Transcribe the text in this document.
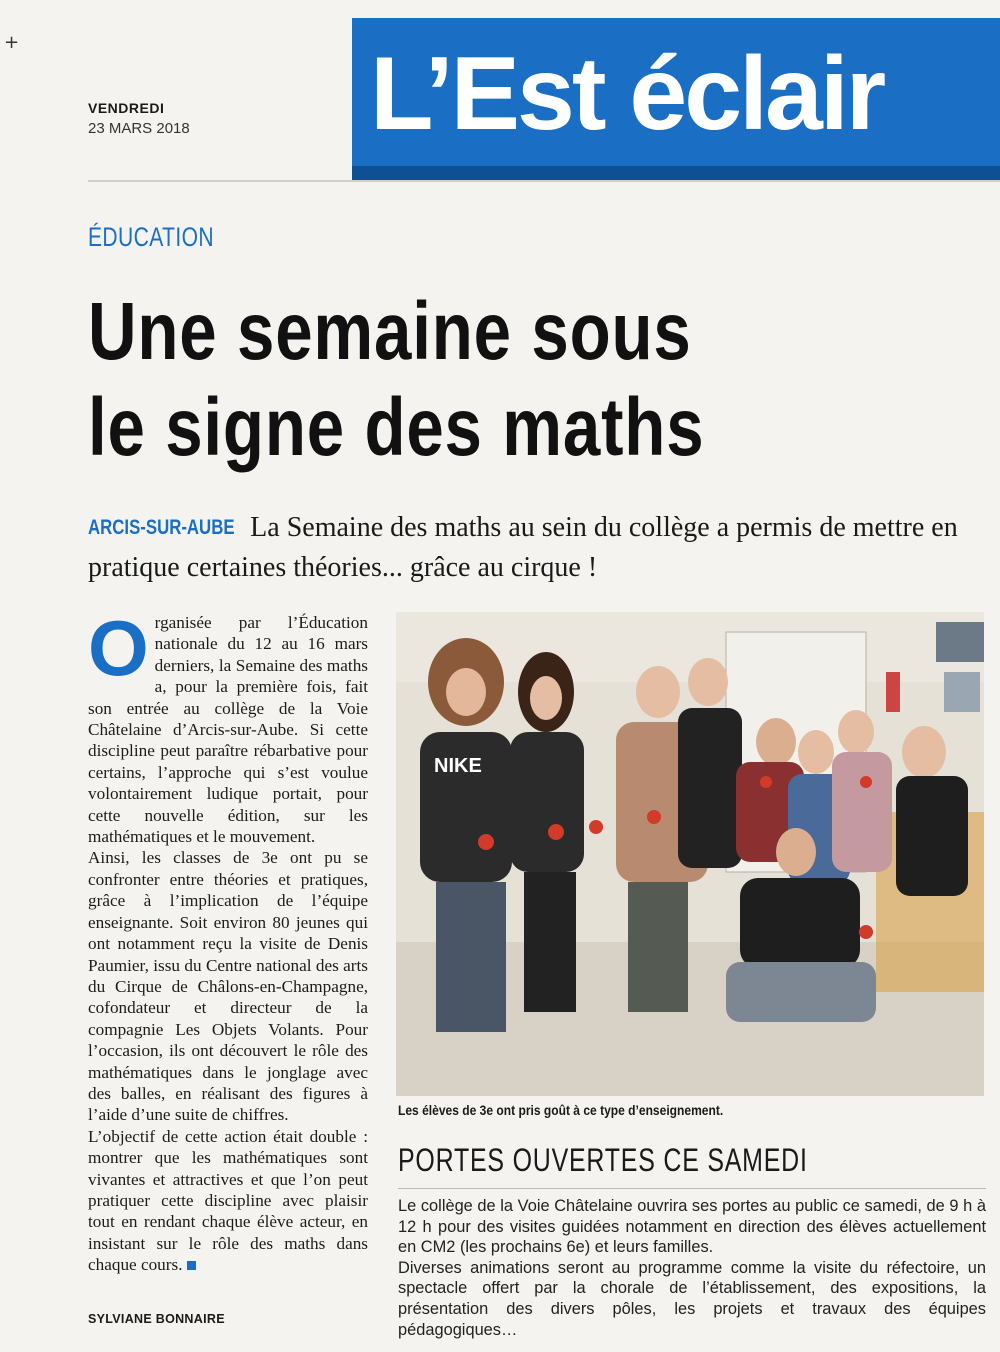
+	L’Est éclair
VENDREDI
23 MARS 2018
ÉDUCATION
Une semaine sous
le signe des maths
ARCIS-SUR-AUBE La Semaine des maths au sein du collège a permis de mettre en pratique certaines théories... grâce au cirque !
O rganisée par l’Éducation nationale du 12 au 16 mars derniers, la Semaine des maths a, pour la première fois, fait son entrée au collège de la Voie Châtelaine d’Arcis-sur-Aube. Si cette discipline peut paraître rébarbative pour certains, l’approche qui s’est voulue volontairement ludique portait, pour cette nouvelle édition, sur les mathématiques et le mouvement.

Ainsi, les classes de 3e ont pu se confronter entre théories et pratiques, grâce à l’implication de l’équipe enseignante. Soit environ 80 jeunes qui ont notamment reçu la visite de Denis Paumier, issu du Centre national des arts du Cirque de Châlons-en-Champagne, cofondateur et directeur de la compagnie Les Objets Volants. Pour l’occasion, ils ont découvert le rôle des mathématiques dans le jonglage avec des balles, en réalisant des figures à l’aide d’une suite de chiffres.

L’objectif de cette action était double : montrer que les mathématiques sont vivantes et attractives et que l’on peut pratiquer cette discipline avec plaisir tout en rendant chaque élève acteur, en insistant sur le rôle des maths dans chaque cours.

SYLVIANE BONNAIRE
NIKE
Les élèves de 3e ont pris goût à ce type d’enseignement.
PORTES OUVERTES CE SAMEDI

Le collège de la Voie Châtelaine ouvrira ses portes au public ce samedi, de 9 h à 12 h pour des visites guidées notamment en direction des élèves actuellement en CM2 (les prochains 6e) et leurs familles.

Diverses animations seront au programme comme la visite du réfectoire, un spectacle offert par la chorale de l’établissement, des expositions, la présentation des divers pôles, les projets et travaux des équipes pédagogiques…
